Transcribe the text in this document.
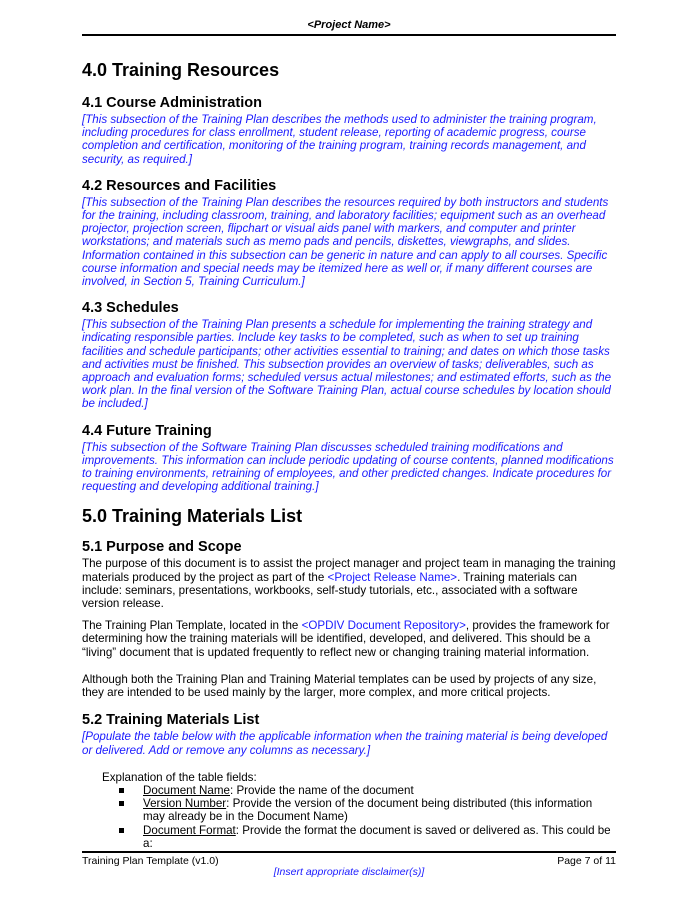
<Project Name>
4.0 Training Resources
4.1 Course Administration

[This subsection of the Training Plan describes the methods used to administer the training program, including procedures for class enrollment, student release, reporting of academic progress, course completion and certification, monitoring of the training program, training records management, and security, as required.]

4.2 Resources and Facilities

[This subsection of the Training Plan describes the resources required by both instructors and students for the training, including classroom, training, and laboratory facilities; equipment such as an overhead projector, projection screen, flipchart or visual aids panel with markers, and computer and printer workstations; and materials such as memo pads and pencils, diskettes, viewgraphs, and slides. Information contained in this subsection can be generic in nature and can apply to all courses. Specific course information and special needs may be itemized here as well or, if many different courses are involved, in Section 5, Training Curriculum.]

4.3 Schedules

[This subsection of the Training Plan presents a schedule for implementing the training strategy and indicating responsible parties. Include key tasks to be completed, such as when to set up training facilities and schedule participants; other activities essential to training; and dates on which those tasks and activities must be finished. This subsection provides an overview of tasks; deliverables, such as approach and evaluation forms; scheduled versus actual milestones; and estimated efforts, such as the work plan. In the final version of the Software Training Plan, actual course schedules by location should be included.]

4.4 Future Training

[This subsection of the Software Training Plan discusses scheduled training modifications and improvements. This information can include periodic updating of course contents, planned modifications to training environments, retraining of employees, and other predicted changes. Indicate procedures for requesting and developing additional training.]

5.0 Training Materials List
5.1 Purpose and Scope

The purpose of this document is to assist the project manager and project team in managing the training materials produced by the project as part of the <Project Release Name>. Training materials can include: seminars, presentations, workbooks, self-study tutorials, etc., associated with a software version release.

The Training Plan Template, located in the <OPDIV Document Repository>, provides the framework for determining how the training materials will be identified, developed, and delivered. This should be a “living” document that is updated frequently to reflect new or changing training material information.

Although both the Training Plan and Training Material templates can be used by projects of any size, they are intended to be used mainly by the larger, more complex, and more critical projects.

5.2 Training Materials List

[Populate the table below with the applicable information when the training material is being developed or delivered. Add or remove any columns as necessary.]

Explanation of the table fields:
Document Name: Provide the name of the document
Version Number: Provide the version of the document being distributed (this information may already be in the Document Name)
Document Format: Provide the format the document is saved or delivered as. This could be a:
Training Plan Template (v1.0)	Page 7 of 11
[Insert appropriate disclaimer(s)]
